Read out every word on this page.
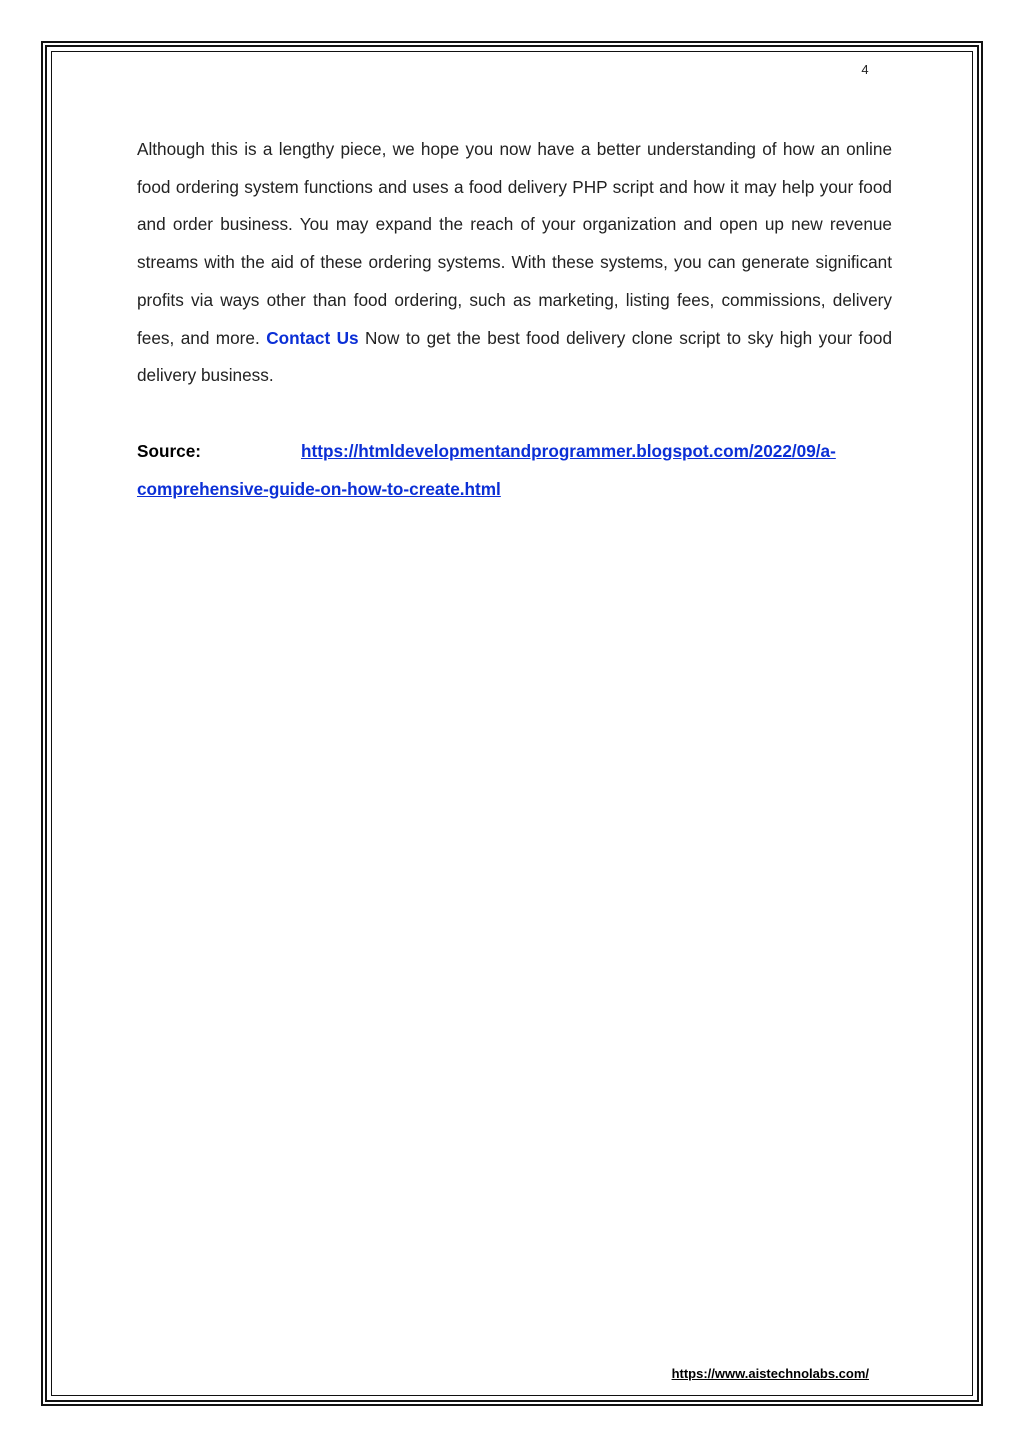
4

Although this is a lengthy piece, we hope you now have a better understanding of how an online food ordering system functions and uses a food delivery PHP script and how it may help your food and order business. You may expand the reach of your organization and open up new revenue streams with the aid of these ordering systems. With these systems, you can generate significant profits via ways other than food ordering, such as marketing, listing fees, commissions, delivery fees, and more. Contact Us Now to get the best food delivery clone script to sky high your food delivery business.

Source:	https://htmldevelopmentandprogrammer.blogspot.com/2022/09/a-comprehensive-guide-on-how-to-create.html

https://www.aistechnolabs.com/
